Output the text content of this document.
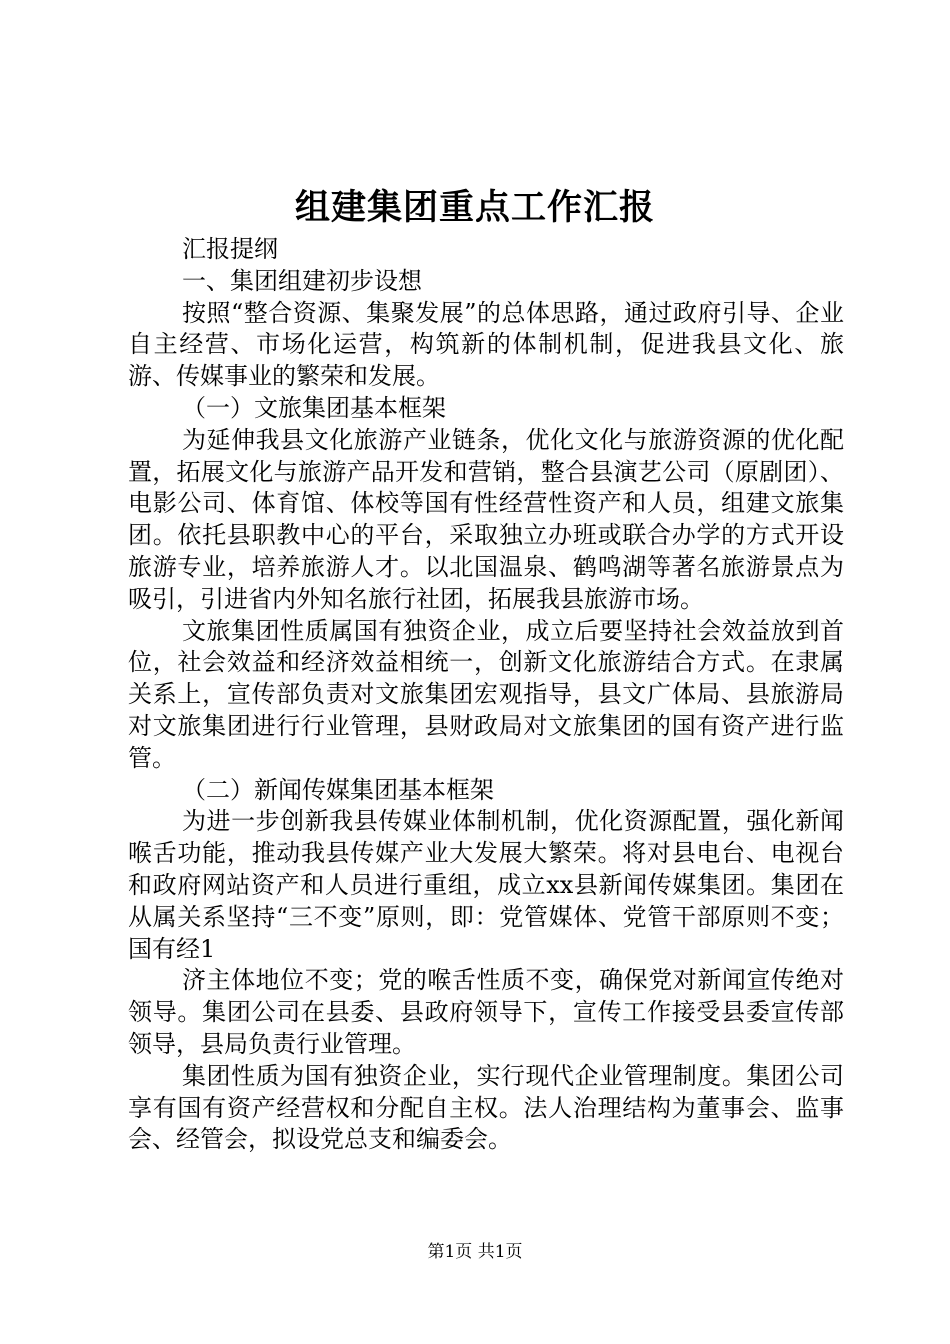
组建集团重点工作汇报

汇报提纲

一、集团组建初步设想

按照“整合资源、集聚发展”的总体思路，通过政府引导、企业自主经营、市场化运营，构筑新的体制机制，促进我县文化、旅游、传媒事业的繁荣和发展。

（一）文旅集团基本框架

为延伸我县文化旅游产业链条，优化文化与旅游资源的优化配置，拓展文化与旅游产品开发和营销，整合县演艺公司（原剧团）、电影公司、体育馆、体校等国有性经营性资产和人员，组建文旅集团。依托县职教中心的平台，采取独立办班或联合办学的方式开设旅游专业，培养旅游人才。以北国温泉、鹤鸣湖等著名旅游景点为吸引，引进省内外知名旅行社团，拓展我县旅游市场。

文旅集团性质属国有独资企业，成立后要坚持社会效益放到首位，社会效益和经济效益相统一，创新文化旅游结合方式。在隶属关系上，宣传部负责对文旅集团宏观指导，县文广体局、县旅游局对文旅集团进行行业管理，县财政局对文旅集团的国有资产进行监管。

（二）新闻传媒集团基本框架

为进一步创新我县传媒业体制机制，优化资源配置，强化新闻喉舌功能，推动我县传媒产业大发展大繁荣。将对县电台、电视台和政府网站资产和人员进行重组，成立xx县新闻传媒集团。集团在从属关系坚持“三不变”原则，即：党管媒体、党管干部原则不变；国有经1

济主体地位不变；党的喉舌性质不变，确保党对新闻宣传绝对领导。集团公司在县委、县政府领导下，宣传工作接受县委宣传部领导，县局负责行业管理。

集团性质为国有独资企业，实行现代企业管理制度。集团公司享有国有资产经营权和分配自主权。法人治理结构为董事会、监事会、经管会，拟设党总支和编委会。

第1页 共1页
